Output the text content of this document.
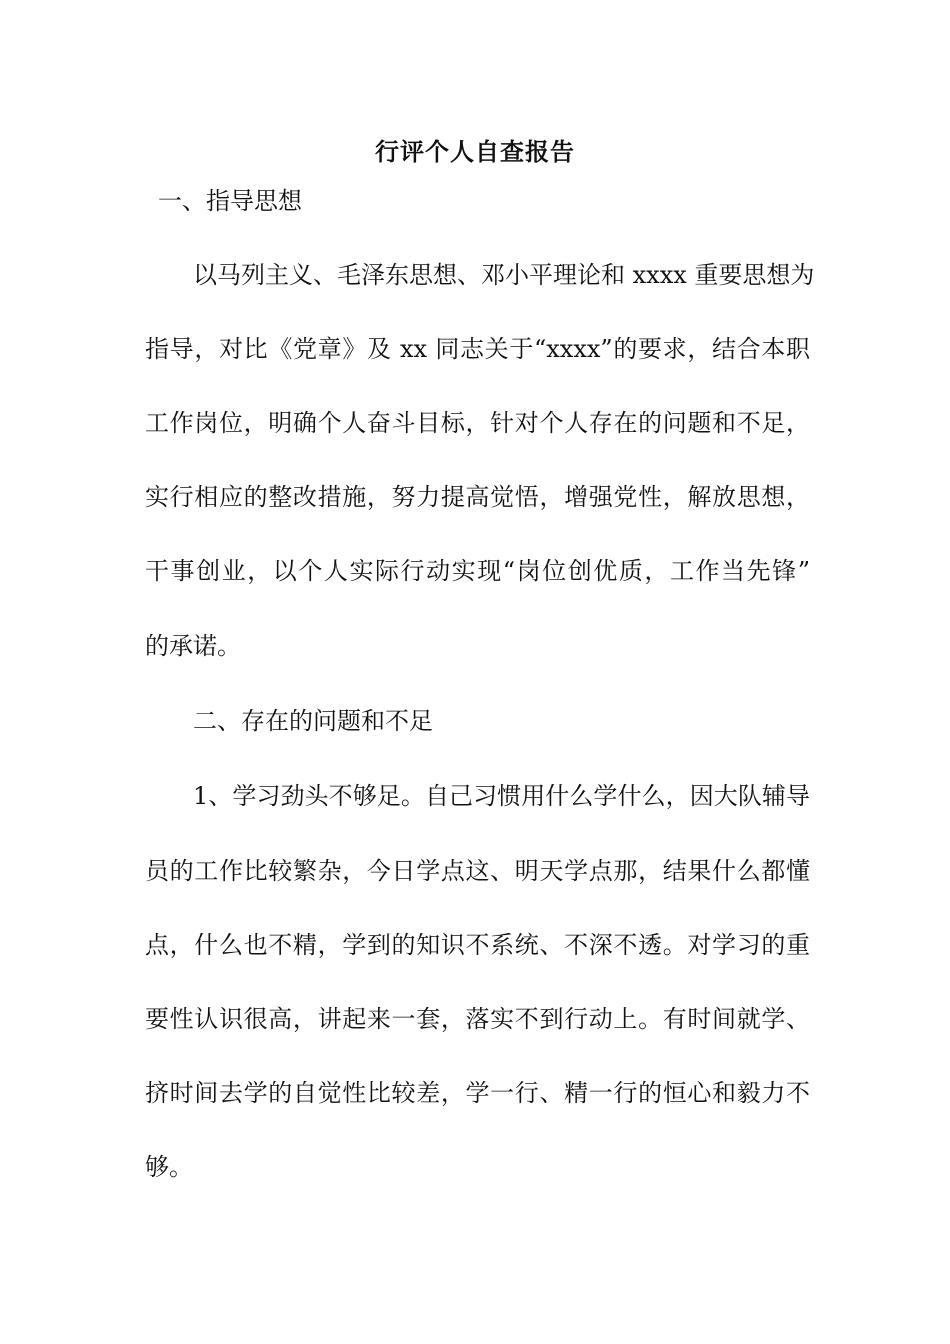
行评个人自查报告
一、指导思想
以马列主义、毛泽东思想、邓小平理论和 xxxx 重要思想为
指导，对比《党章》及 xx 同志关于“xxxx”的要求，结合本职
工作岗位，明确个人奋斗目标，针对个人存在的问题和不足，
实行相应的整改措施，努力提高觉悟，增强党性，解放思想，
干事创业，以个人实际行动实现“岗位创优质，工作当先锋”
的承诺。
二、存在的问题和不足
1、学习劲头不够足。自己习惯用什么学什么，因大队辅导
员的工作比较繁杂，今日学点这、明天学点那，结果什么都懂
点，什么也不精，学到的知识不系统、不深不透。对学习的重
要性认识很高，讲起来一套，落实不到行动上。有时间就学、
挤时间去学的自觉性比较差，学一行、精一行的恒心和毅力不
够。
